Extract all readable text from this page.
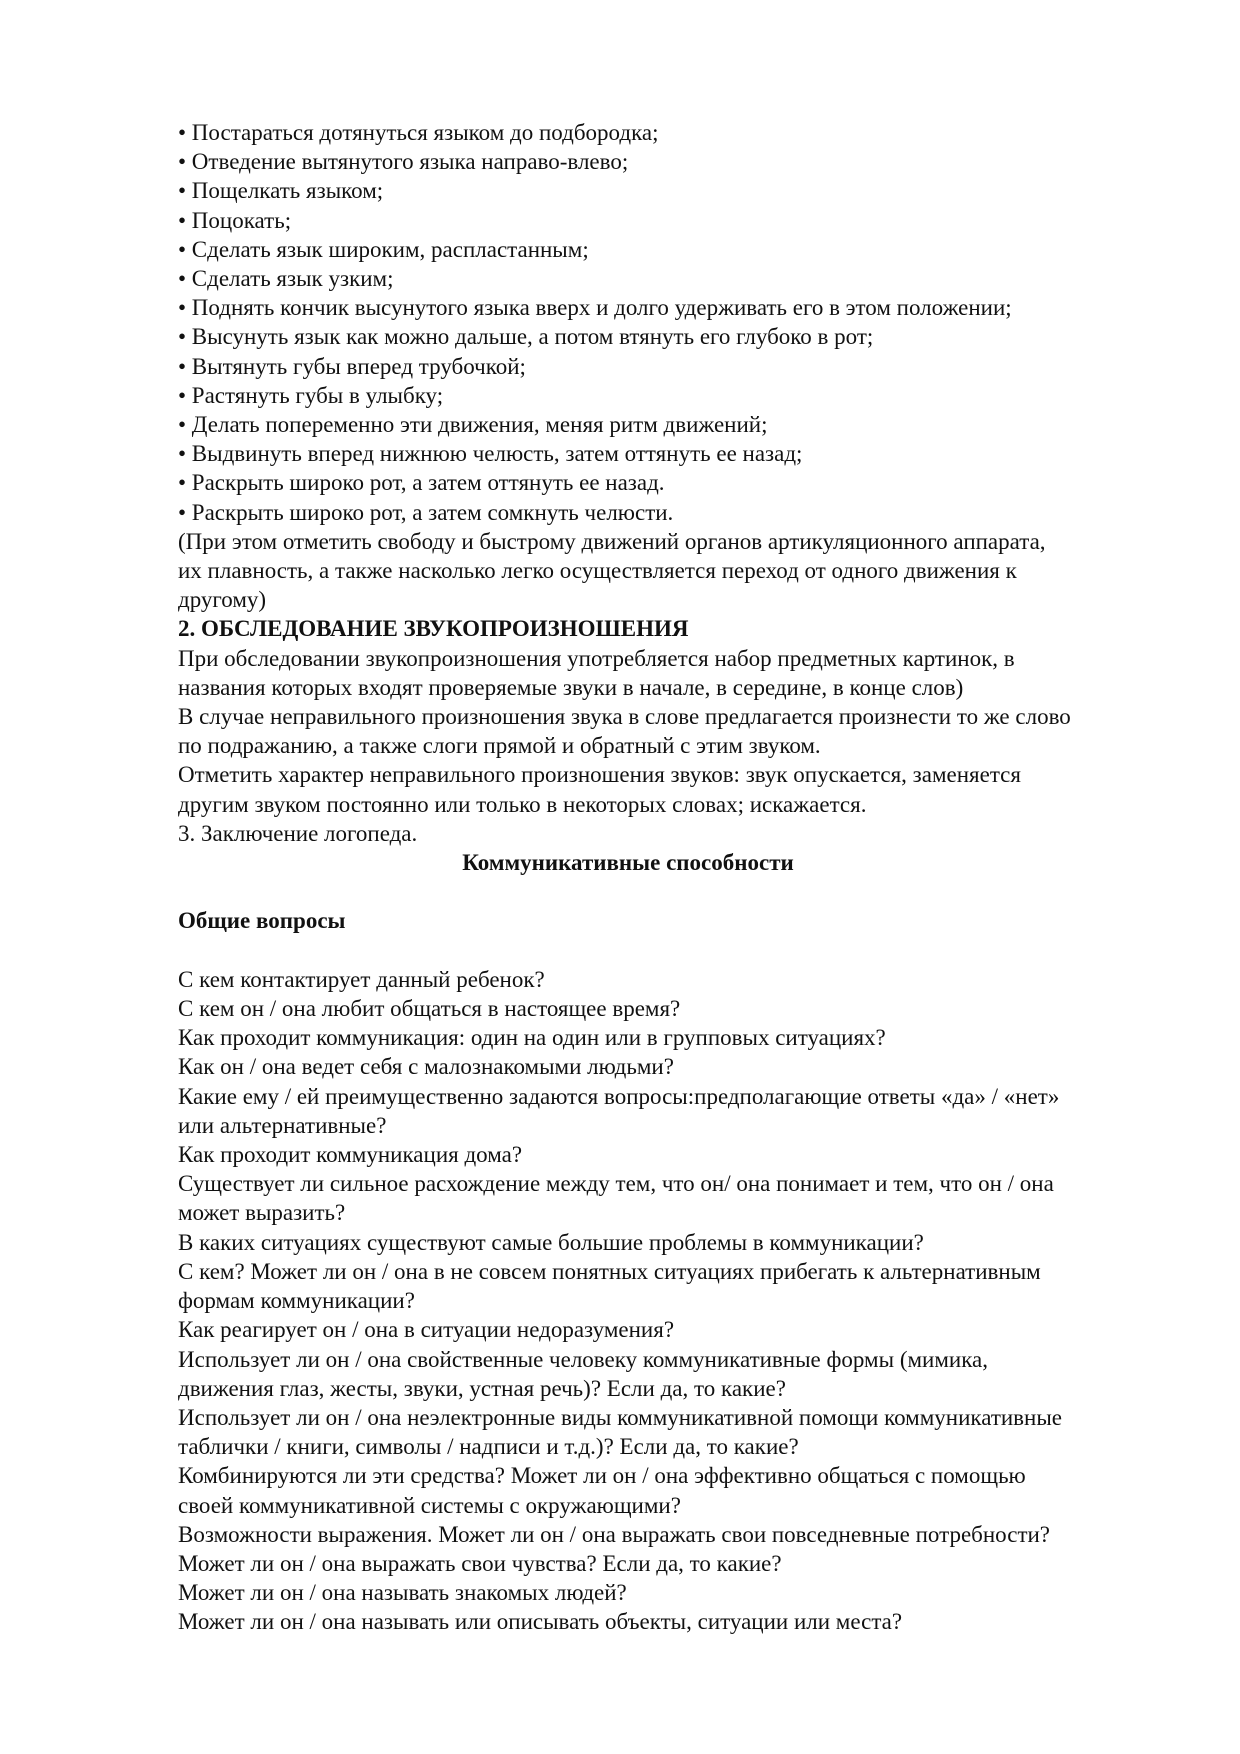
• Постараться дотянуться языком до подбородка;
• Отведение вытянутого языка направо-влево;
• Пощелкать языком;
• Поцокать;
• Сделать язык широким, распластанным;
• Сделать язык узким;
• Поднять кончик высунутого языка вверх и долго удерживать его в этом положении;
• Высунуть язык как можно дальше, а потом втянуть его глубоко в рот;
• Вытянуть губы вперед трубочкой;
• Растянуть губы в улыбку;
• Делать попеременно эти движения, меняя ритм движений;
• Выдвинуть вперед нижнюю челюсть, затем оттянуть ее назад;
• Раскрыть широко рот, а затем оттянуть ее назад.
• Раскрыть широко рот, а затем сомкнуть челюсти.
(При этом отметить свободу и быстрому движений органов артикуляционного аппарата,
их плавность, а также насколько легко осуществляется переход от одного движения к
другому)
2. ОБСЛЕДОВАНИЕ ЗВУКОПРОИЗНОШЕНИЯ
При обследовании звукопроизношения употребляется набор предметных картинок, в
названия которых входят проверяемые звуки в начале, в середине, в конце слов)
В случае неправильного произношения звука в слове предлагается произнести то же слово
по подражанию, а также слоги прямой и обратный с этим звуком.
Отметить характер неправильного произношения звуков: звук опускается, заменяется
другим звуком постоянно или только в некоторых словах; искажается.
3. Заключение логопеда.
Коммуникативные способности
Общие вопросы
С кем контактирует данный ребенок?
С кем он / она любит общаться в настоящее время?
Как проходит коммуникация: один на один или в групповых ситуациях?
Как он / она ведет себя с малознакомыми людьми?
Какие ему / ей преимущественно задаются вопросы:предполагающие ответы «да» / «нет»
или альтернативные?
Как проходит коммуникация дома?
Существует ли сильное расхождение между тем, что он/ она понимает и тем, что он / она
может выразить?
В каких ситуациях существуют самые большие проблемы в коммуникации?
С кем? Может ли он / она в не совсем понятных ситуациях прибегать к альтернативным
формам коммуникации?
Как реагирует он / она в ситуации недоразумения?
Использует ли он / она свойственные человеку коммуникативные формы (мимика,
движения глаз, жесты, звуки, устная речь)? Если да, то какие?
Использует ли он / она неэлектронные виды коммуникативной помощи коммуникативные
таблички / книги, символы / надписи и т.д.)? Если да, то какие?
Комбинируются ли эти средства? Может ли он / она эффективно общаться с помощью
своей коммуникативной системы с окружающими?
Возможности выражения. Может ли он / она выражать свои повседневные потребности?
Может ли он / она выражать свои чувства? Если да, то какие?
Может ли он / она называть знакомых людей?
Может ли он / она называть или описывать объекты, ситуации или места?
